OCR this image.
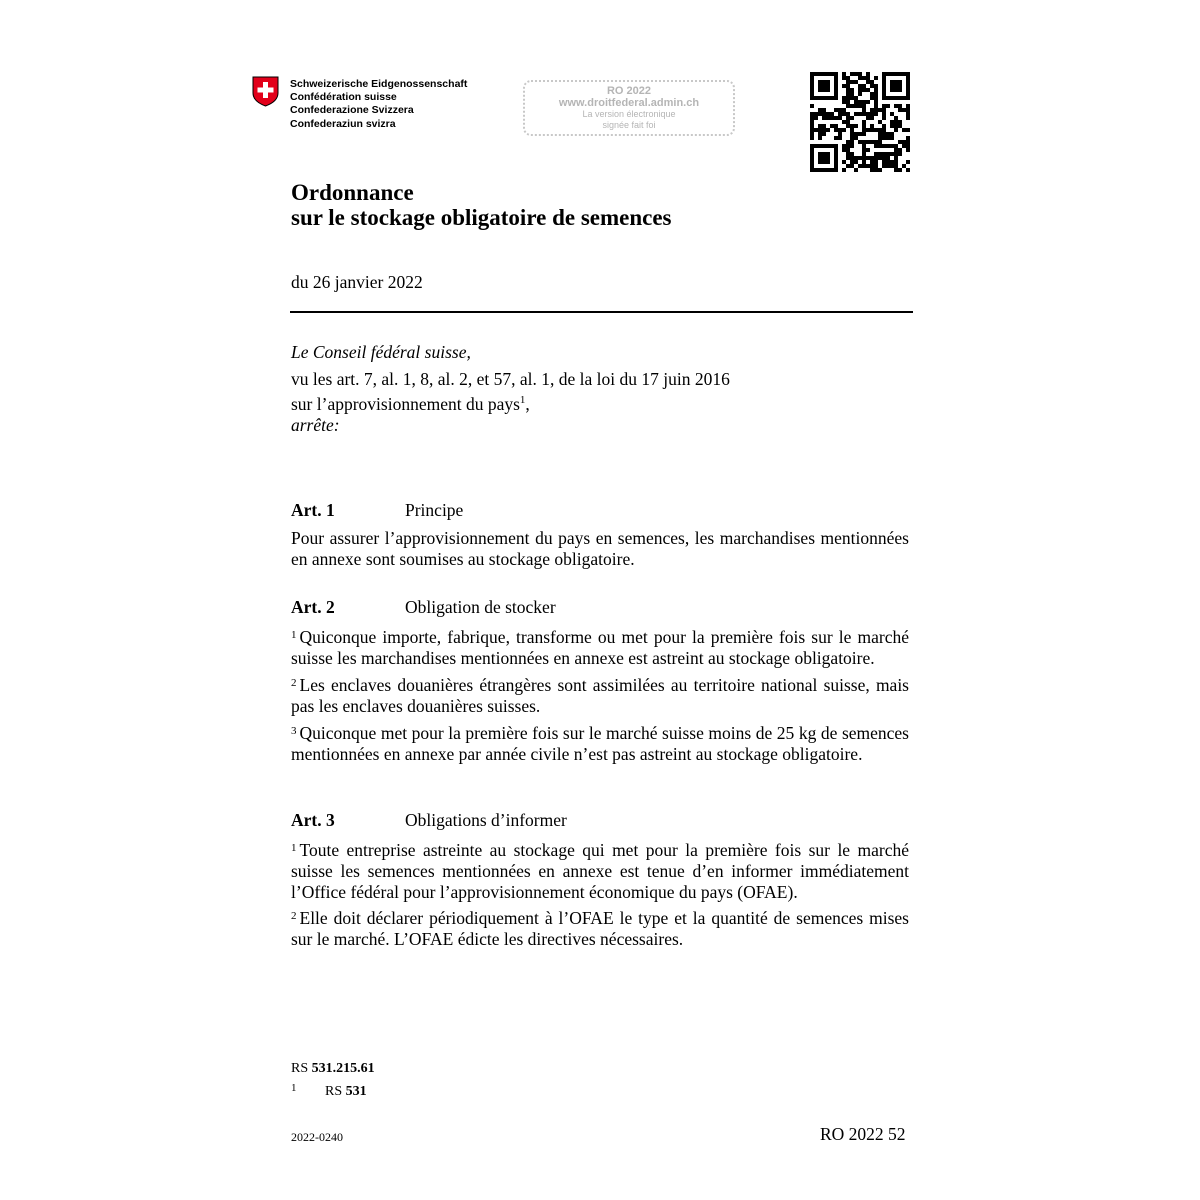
Schweizerische Eidgenossenschaft
Confédération suisse
Confederazione Svizzera
Confederaziun svizra
RO 2022
www.droitfederal.admin.ch
La version électronique
signée fait foi
Ordonnance
sur le stockage obligatoire de semences
du 26 janvier 2022
Le Conseil fédéral suisse,
vu les art. 7, al. 1, 8, al. 2, et 57, al. 1, de la loi du 17 juin 2016
sur l’approvisionnement du pays$^1$,
arrête:
Art. 1	Principe
Pour assurer l’approvisionnement du pays en semences, les marchandises mentionnées en annexe sont soumises au stockage obligatoire.
Art. 2	Obligation de stocker
$^1$ Quiconque importe, fabrique, transforme ou met pour la première fois sur le marché suisse les marchandises mentionnées en annexe est astreint au stockage obligatoire.
$^2$ Les enclaves douanières étrangères sont assimilées au territoire national suisse, mais pas les enclaves douanières suisses.
$^3$ Quiconque met pour la première fois sur le marché suisse moins de 25 kg de semences mentionnées en annexe par année civile n’est pas astreint au stockage obligatoire.
Art. 3	Obligations d’informer
$^1$ Toute entreprise astreinte au stockage qui met pour la première fois sur le marché suisse les semences mentionnées en annexe est tenue d’en informer immédiatement l’Office fédéral pour l’approvisionnement économique du pays (OFAE).
$^2$ Elle doit déclarer périodiquement à l’OFAE le type et la quantité de semences mises sur le marché. L’OFAE édicte les directives nécessaires.
RS 531.215.61
1 RS 531
2022-0240	RO 2022 52
